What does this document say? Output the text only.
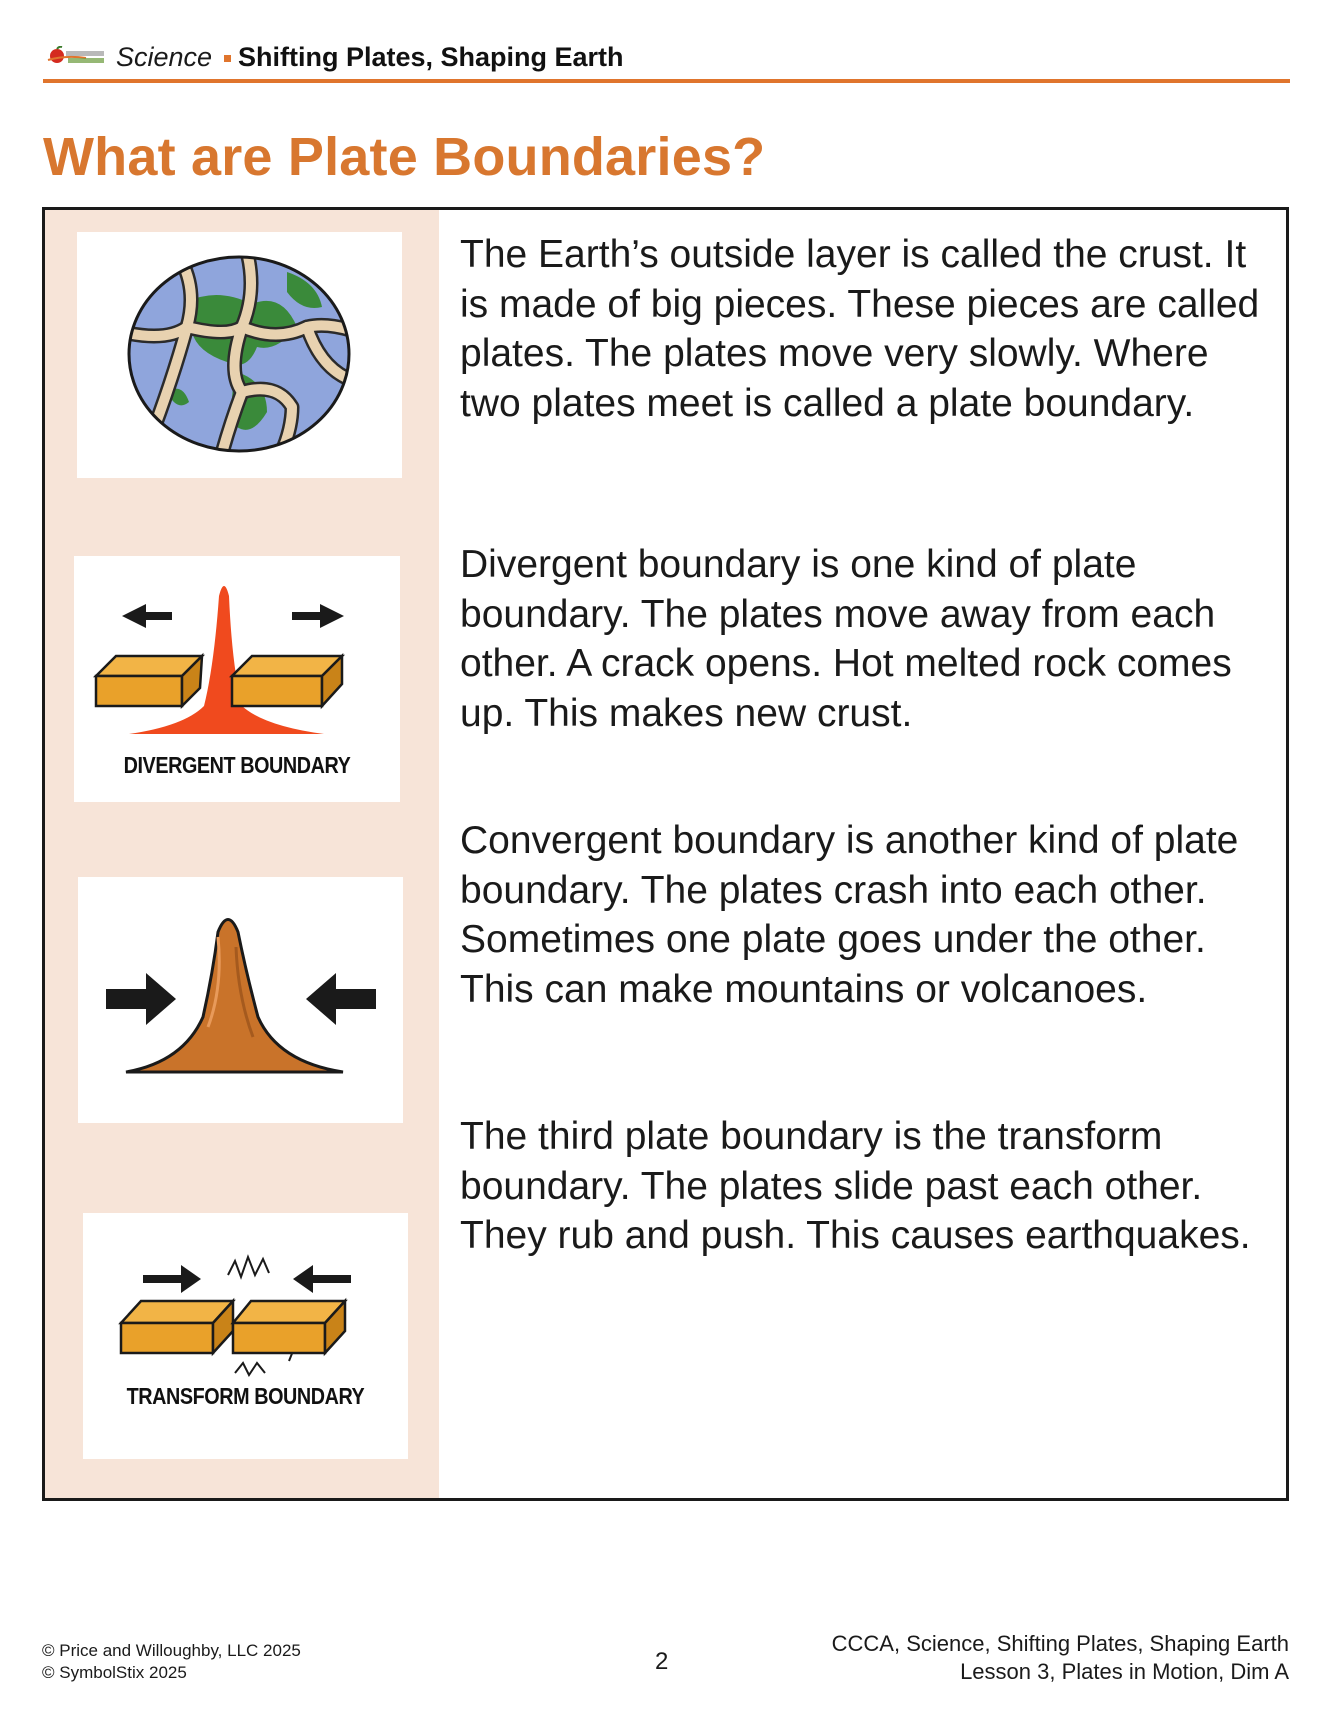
Science Shifting Plates, Shaping Earth
What are Plate Boundaries?

The Earth’s outside layer is called the crust. It is made of big pieces. These pieces are called plates. The plates move very slowly. Where two plates meet is called a plate boundary.

DIVERGENT BOUNDARY

Divergent boundary is one kind of plate boundary. The plates move away from each other. A crack opens. Hot melted rock comes up. This makes new crust.

Convergent boundary is another kind of plate boundary. The plates crash into each other. Sometimes one plate goes under the other. This can make mountains or volcanoes.

TRANSFORM BOUNDARY

The third plate boundary is the transform boundary. The plates slide past each other. They rub and push. This causes earthquakes.

© Price and Willoughby, LLC 2025
© SymbolStix 2025	2
CCCA, Science, Shifting Plates, Shaping Earth
Lesson 3, Plates in Motion, Dim A
